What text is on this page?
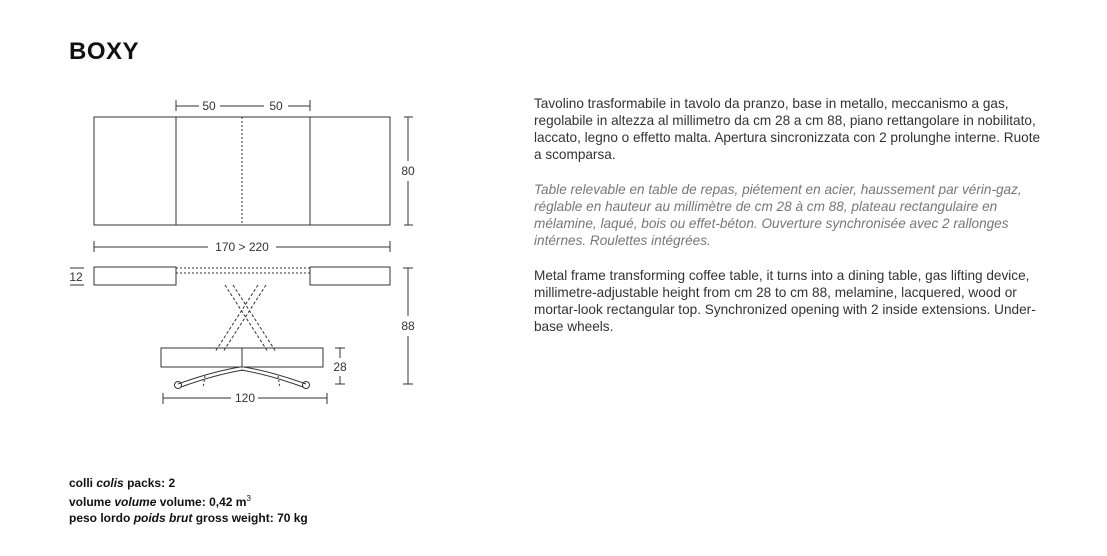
BOXY
50	50
80
170 > 220
12
88
28
120

Tavolino trasformabile in tavolo da pranzo, base in metallo, meccanismo a gas, regolabile in altezza al millimetro da cm 28 a cm 88, piano rettangolare in nobilitato, laccato, legno o effetto malta. Apertura sincronizzata con 2 prolunghe interne. Ruote a scomparsa.

Table relevable en table de repas, piétement en acier, haussement par vérin-gaz, réglable en hauteur au millimètre de cm 28 à cm 88, plateau rectangulaire en mélamine, laqué, bois ou effet-béton. Ouverture synchronisée avec 2 rallonges intérnes. Roulettes intégrées.

Metal frame transforming coffee table, it turns into a dining table, gas lifting device, millimetre-adjustable height from cm 28 to cm 88, melamine, lacquered, wood or mortar-look rectangular top. Synchronized opening with 2 inside extensions. Under-base wheels.

colli colis packs: 2
volume volume volume: 0,42 $m^3$
peso lordo poids brut gross weight: 70 kg
